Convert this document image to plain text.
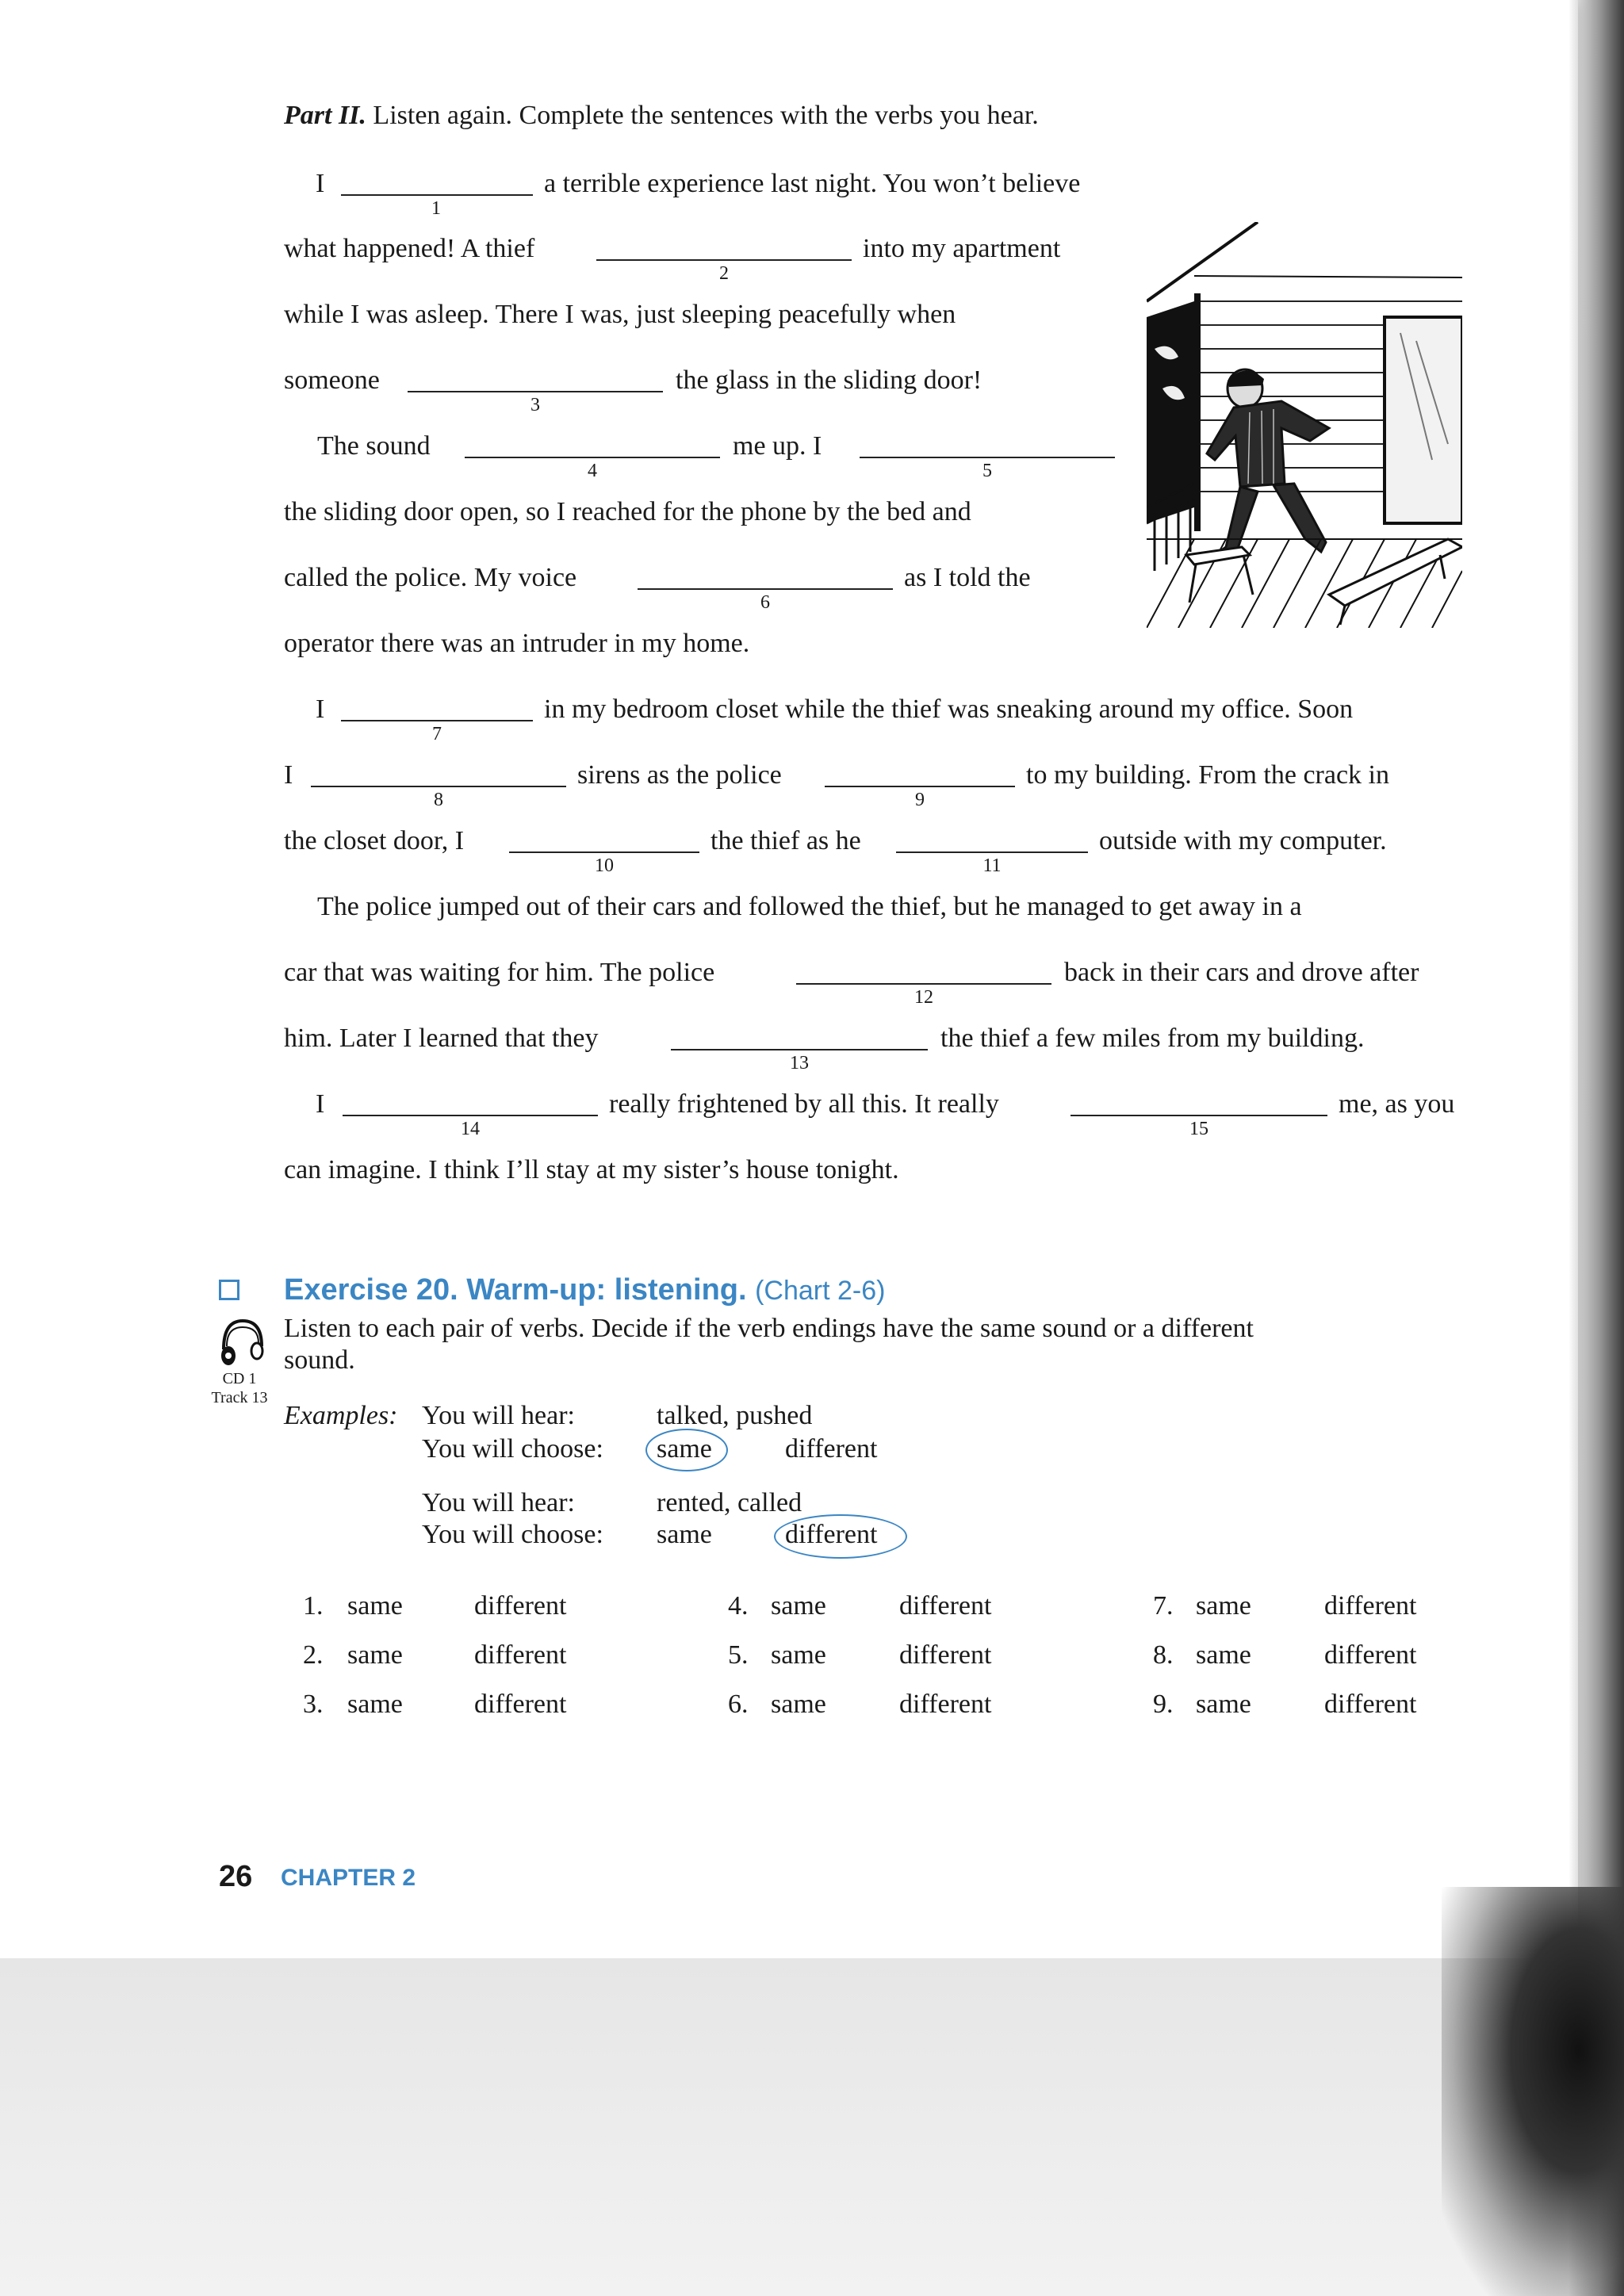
Part II. Listen again. Complete the sentences with the verbs you hear.
I
1
a terrible experience last night. You won’t believe
what happened! A thief
2
into my apartment
while I was asleep. There I was, just sleeping peacefully when
someone
3
the glass in the sliding door!
The sound
4
me up. I
5
the sliding door open, so I reached for the phone by the bed and
called the police. My voice
6
as I told the
operator there was an intruder in my home.
I
7
in my bedroom closet while the thief was sneaking around my office. Soon
I
8
sirens as the police
9
to my building. From the crack in
the closet door, I
10
the thief as he
11
outside with my computer.
The police jumped out of their cars and followed the thief, but he managed to get away in a
car that was waiting for him. The police
12
back in their cars and drove after
him. Later I learned that they
13
the thief a few miles from my building.
I
14
really frightened by all this. It really
15
me, as you
can imagine. I think I’ll stay at my sister’s house tonight.
Exercise 20. Warm-up: listening. (Chart 2-6)
CD 1
Track 13
Listen to each pair of verbs. Decide if the verb endings have the same sound or a different
sound.
Examples: You will hear:	talked, pushed
You will choose: same	different
You will hear:	rented, called
You will choose: same	different
1. same	different
2. same	different
3. same	different
4. same	different
5. same	different
6. same	different
7. same	different
8. same	different
9. same	different
26 CHAPTER 2
